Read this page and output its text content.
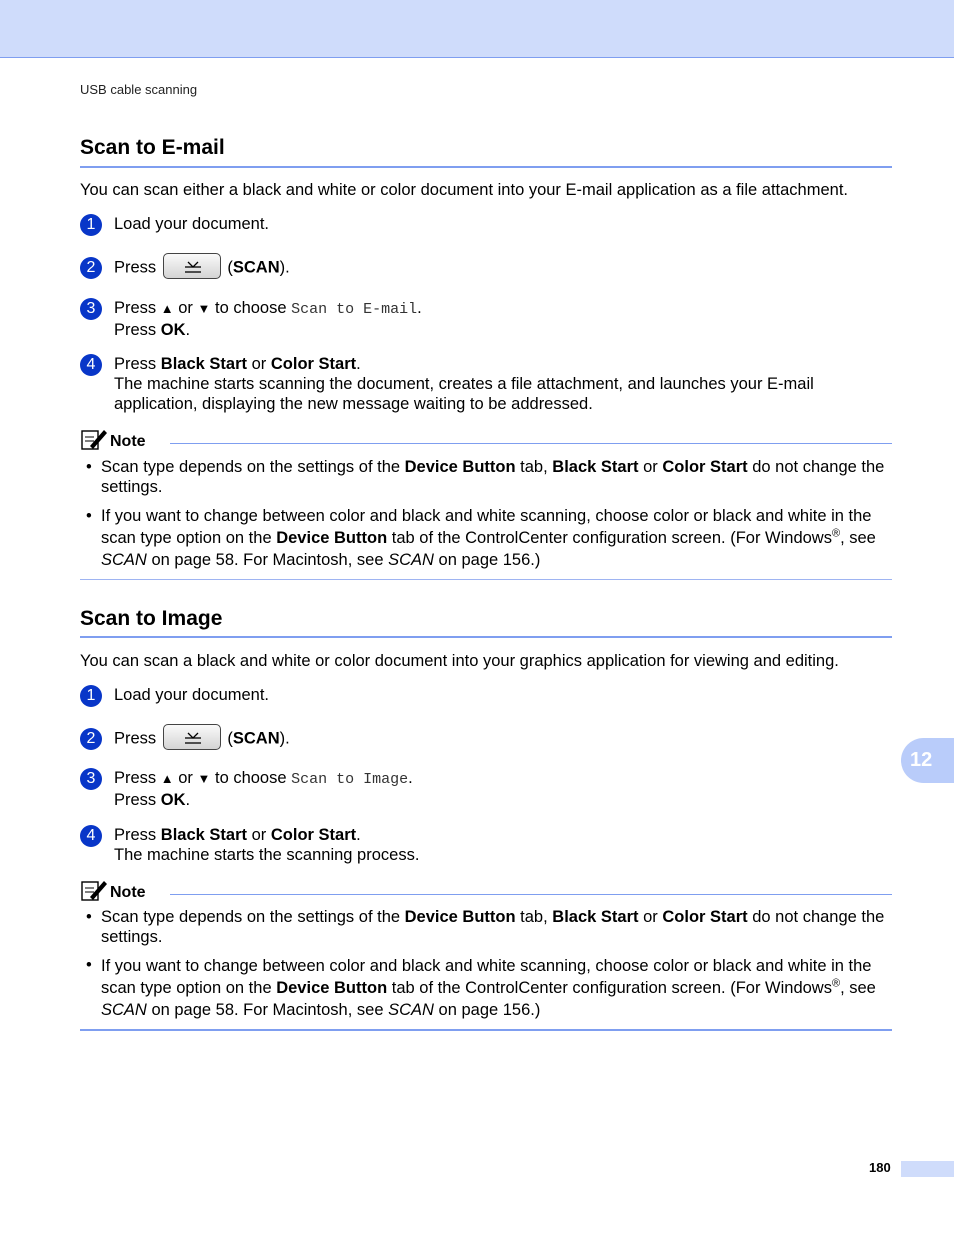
USB cable scanning
Scan to E-mail
You can scan either a black and white or color document into your E-mail application as a file attachment.
1	Load your document.
2	Press	(SCAN).
3	Press ▲ or ▼ to choose Scan to E-mail.
Press OK.
4	Press Black Start or Color Start.
The machine starts scanning the document, creates a file attachment, and launches your E-mail application, displaying the new message waiting to be addressed.
Note
• Scan type depends on the settings of the Device Button tab, Black Start or Color Start do not change the settings.
• If you want to change between color and black and white scanning, choose color or black and white in the scan type option on the Device Button tab of the ControlCenter configuration screen. (For Windows®, see SCAN on page 58. For Macintosh, see SCAN on page 156.)
Scan to Image
You can scan a black and white or color document into your graphics application for viewing and editing.
1	Load your document.
2	Press	(SCAN).
3	Press ▲ or ▼ to choose Scan to Image.
Press OK.
4	Press Black Start or Color Start.
The machine starts the scanning process.
Note
• Scan type depends on the settings of the Device Button tab, Black Start or Color Start do not change the settings.
• If you want to change between color and black and white scanning, choose color or black and white in the scan type option on the Device Button tab of the ControlCenter configuration screen. (For Windows®, see SCAN on page 58. For Macintosh, see SCAN on page 156.)
12
180
